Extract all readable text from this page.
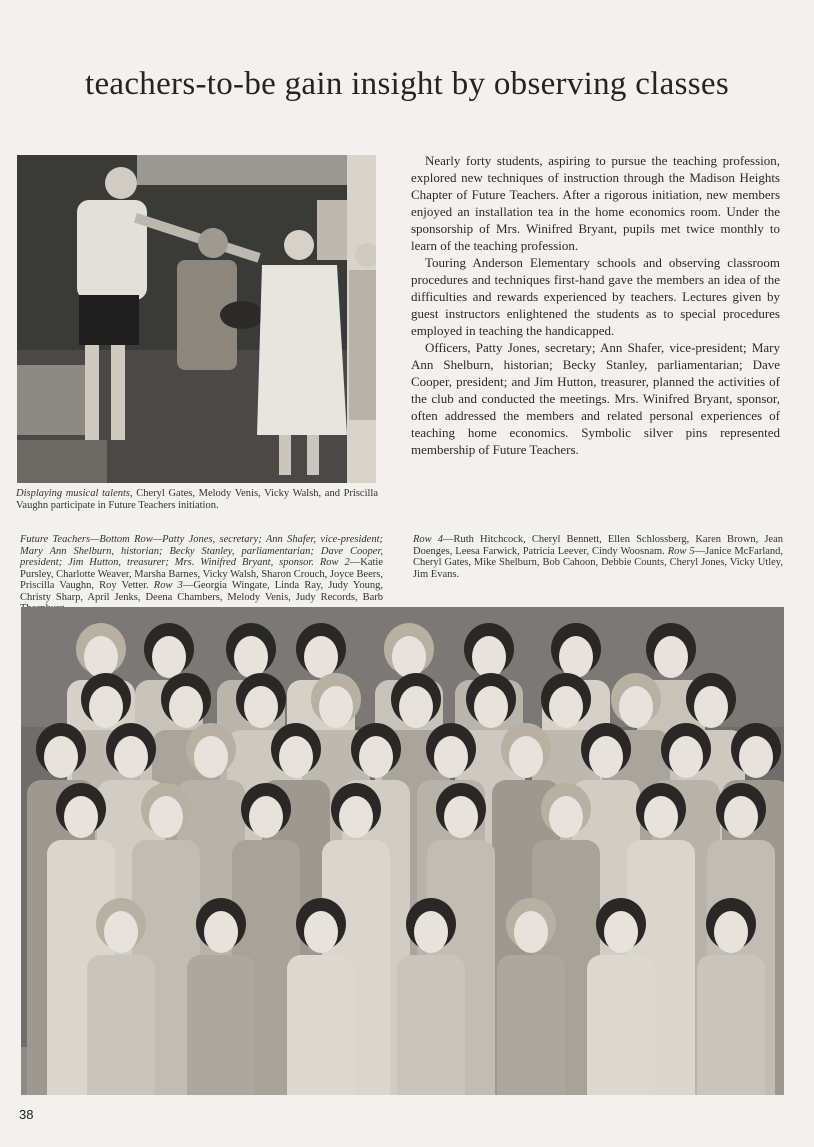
teachers-to-be gain insight by observing classes
Displaying musical talents, Cheryl Gates, Melody Venis, Vicky Walsh, and Priscilla Vaughn participate in Future Teachers initiation.

Nearly forty students, aspiring to pursue the teaching profession, explored new techniques of instruction through the Madison Heights Chapter of Future Teachers. After a rigorous initiation, new members enjoyed an installation tea in the home economics room. Under the sponsorship of Mrs. Winifred Bryant, pupils met twice monthly to learn of the teaching profession.

Touring Anderson Elementary schools and observing classroom procedures and techniques first-hand gave the members an idea of the difficulties and rewards experienced by teachers. Lectures given by guest instructors enlightened the students as to special procedures employed in teaching the handicapped.

Officers, Patty Jones, secretary; Ann Shafer, vice-president; Mary Ann Shelburn, historian; Becky Stanley, parliamentarian; Dave Cooper, president; and Jim Hutton, treasurer, planned the activities of the club and conducted the meetings. Mrs. Winifred Bryant, sponsor, often addressed the members and related personal experiences of teaching home economics. Symbolic silver pins represented membership of Future Teachers.

Future Teachers—Bottom Row—Patty Jones, secretary; Ann Shafer, vice-president; Mary Ann Shelburn, historian; Becky Stanley, parliamentarian; Dave Cooper, president; Jim Hutton, treasurer; Mrs. Winifred Bryant, sponsor. Row 2—Katie Pursley, Charlotte Weaver, Marsha Barnes, Vicky Walsh, Sharon Crouch, Joyce Beers, Priscilla Vaughn, Roy Vetter. Row 3—Georgia Wingate, Linda Ray, Judy Young, Christy Sharp, April Jenks, Deena Chambers, Melody Venis, Judy Records, Barb
Row 4—Ruth Hitchcock, Cheryl Bennett, Ellen Schlossberg, Karen Brown, Jean Doenges, Leesa Farwick, Patricia Leever, Cindy Woosnam. Row 5—Janice McFarland, Cheryl Gates, Mike Shelburn, Bob Cahoon, Debbie Counts, Cheryl Jones, Vicky Utley, Jim Evans.
38
